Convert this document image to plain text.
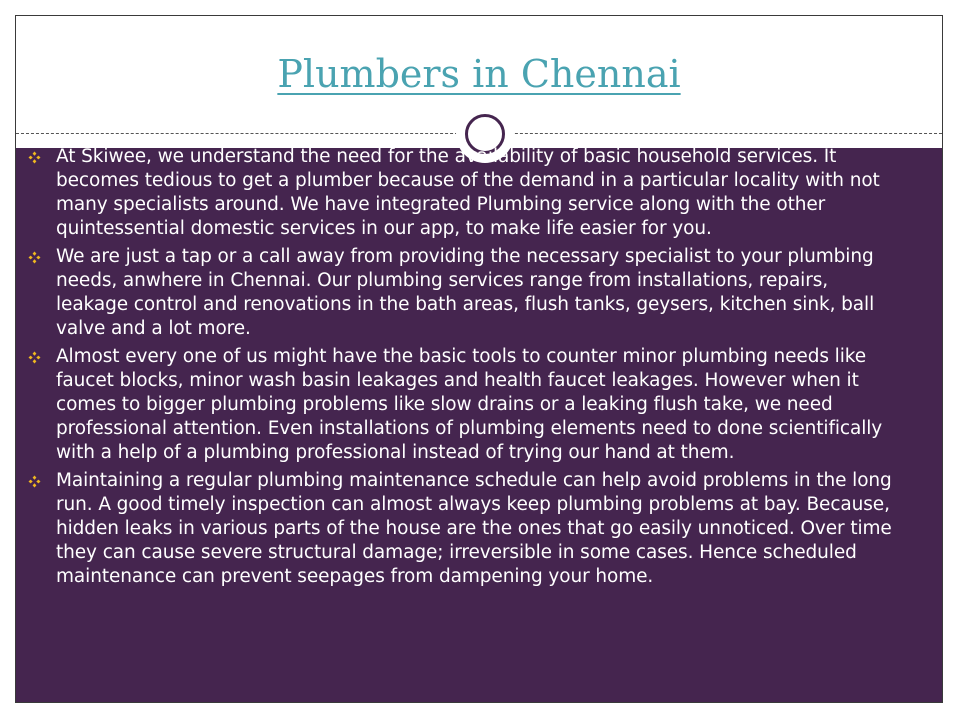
Plumbers in Chennai
At Skiwee, we understand the need for the availability of basic household services. It becomes tedious to get a plumber because of the demand in a particular locality with not many specialists around. We have integrated Plumbing service along with the other quintessential domestic services in our app, to make life easier for you.
We are just a tap or a call away from providing the necessary specialist to your plumbing needs, anwhere in Chennai. Our plumbing services range from installations, repairs, leakage control and renovations in the bath areas, flush tanks, geysers, kitchen sink, ball valve and a lot more.
Almost every one of us might have the basic tools to counter minor plumbing needs like faucet blocks, minor wash basin leakages and health faucet leakages. However when it comes to bigger plumbing problems like slow drains or a leaking flush take, we need professional attention. Even installations of plumbing elements need to done scientifically with a help of a plumbing professional instead of trying our hand at them.
Maintaining a regular plumbing maintenance schedule can help avoid problems in the long run. A good timely inspection can almost always keep plumbing problems at bay. Because, hidden leaks in various parts of the house are the ones that go easily unnoticed. Over time they can cause severe structural damage; irreversible in some cases. Hence scheduled maintenance can prevent seepages from dampening your home.
